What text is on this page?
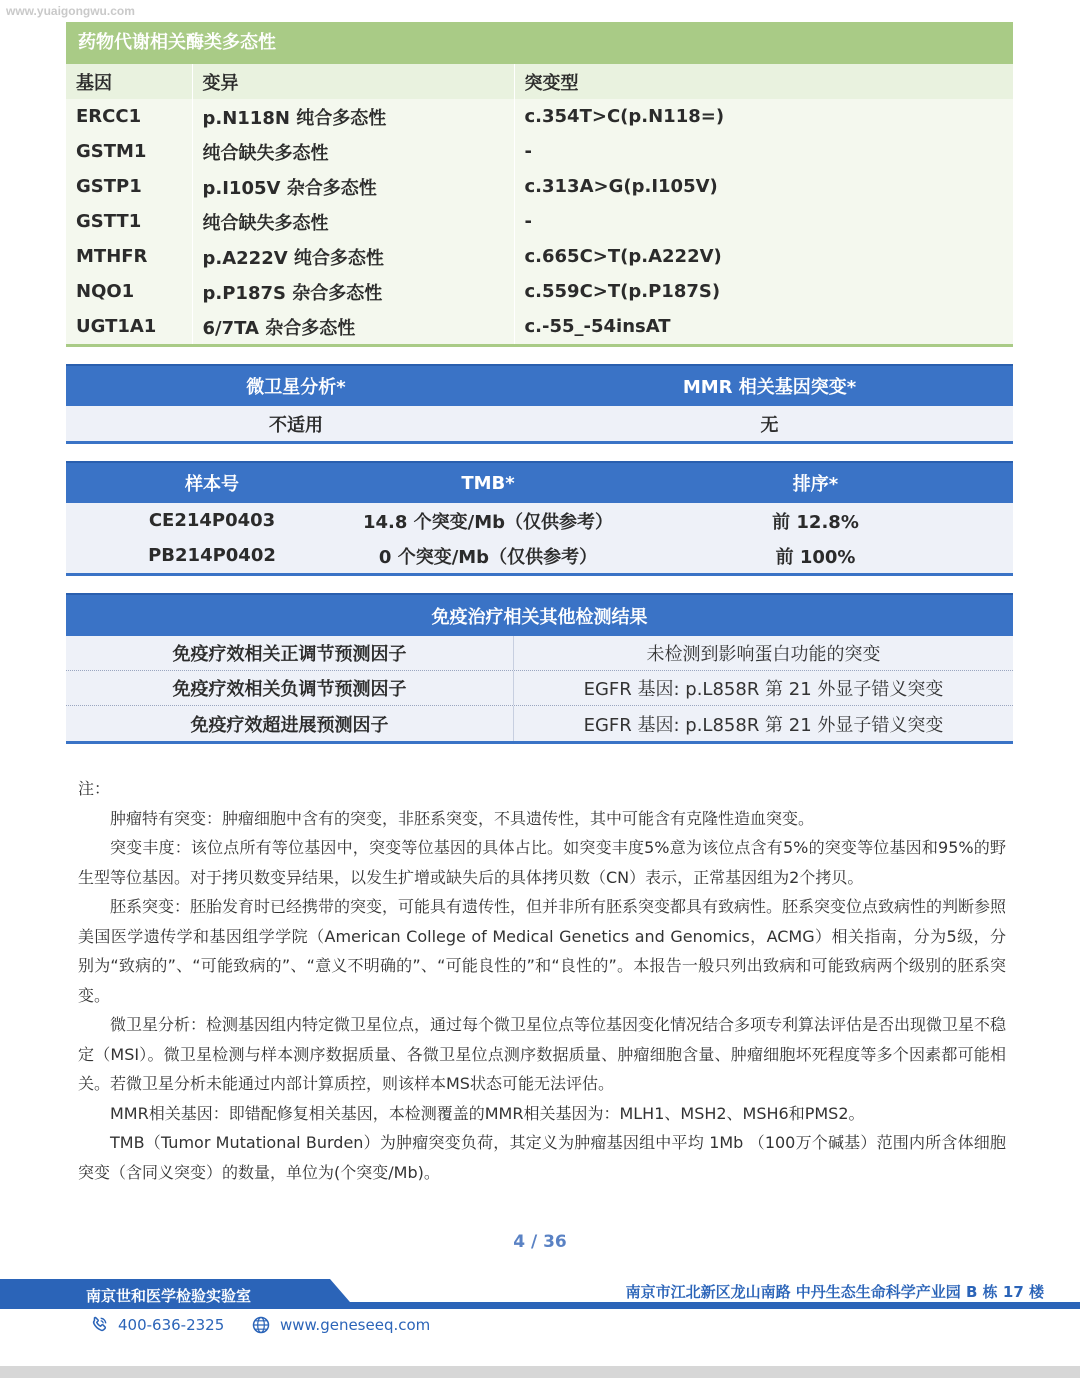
www.yuaigongwu.com
药物代谢相关酶类多态性
基因	变异	突变型
ERCC1	p.N118N 纯合多态性	c.354T>C(p.N118=)
GSTM1	纯合缺失多态性	-
GSTP1	p.I105V 杂合多态性	c.313A>G(p.I105V)
GSTT1	纯合缺失多态性	-
MTHFR	p.A222V 纯合多态性	c.665C>T(p.A222V)
NQO1	p.P187S 杂合多态性	c.559C>T(p.P187S)
UGT1A1	6/7TA 杂合多态性	c.-55_-54insAT
微卫星分析*	MMR 相关基因突变*
不适用	无
样本号	TMB*	排序*
CE214P0403	14.8 个突变/Mb（仅供参考）	前 12.8%
PB214P0402	0 个突变/Mb（仅供参考）	前 100%
免疫治疗相关其他检测结果
免疫疗效相关正调节预测因子	未检测到影响蛋白功能的突变
免疫疗效相关负调节预测因子	EGFR 基因: p.L858R 第 21 外显子错义突变
免疫疗效超进展预测因子	EGFR 基因: p.L858R 第 21 外显子错义突变

注：

肿瘤特有突变：肿瘤细胞中含有的突变，非胚系突变，不具遗传性，其中可能含有克隆性造血突变。

突变丰度：该位点所有等位基因中，突变等位基因的具体占比。如突变丰度5%意为该位点含有5%的突变等位基因和95%的野生型等位基因。对于拷贝数变异结果，以发生扩增或缺失后的具体拷贝数（CN）表示，正常基因组为2个拷贝。

胚系突变：胚胎发育时已经携带的突变，可能具有遗传性，但并非所有胚系突变都具有致病性。胚系突变位点致病性的判断参照美国医学遗传学和基因组学学院（American College of Medical Genetics and Genomics，ACMG）相关指南，分为5级，分别为“致病的”、“可能致病的”、“意义不明确的”、“可能良性的”和“良性的”。本报告一般只列出致病和可能致病两个级别的胚系突变。

微卫星分析：检测基因组内特定微卫星位点，通过每个微卫星位点等位基因变化情况结合多项专利算法评估是否出现微卫星不稳定（MSI）。微卫星检测与样本测序数据质量、各微卫星位点测序数据质量、肿瘤细胞含量、肿瘤细胞坏死程度等多个因素都可能相关。若微卫星分析未能通过内部计算质控，则该样本MS状态可能无法评估。

MMR相关基因：即错配修复相关基因，本检测覆盖的MMR相关基因为：MLH1、MSH2、MSH6和PMS2。

TMB（Tumor Mutational Burden）为肿瘤突变负荷，其定义为肿瘤基因组中平均 1Mb （100万个碱基）范围内所含体细胞突变（含同义突变）的数量，单位为(个突变/Mb)。

4 / 36
南京世和医学检验实验室	南京市江北新区龙山南路 中丹生态生命科学产业园 B 栋 17 楼
400-636-2325	www.geneseeq.com
